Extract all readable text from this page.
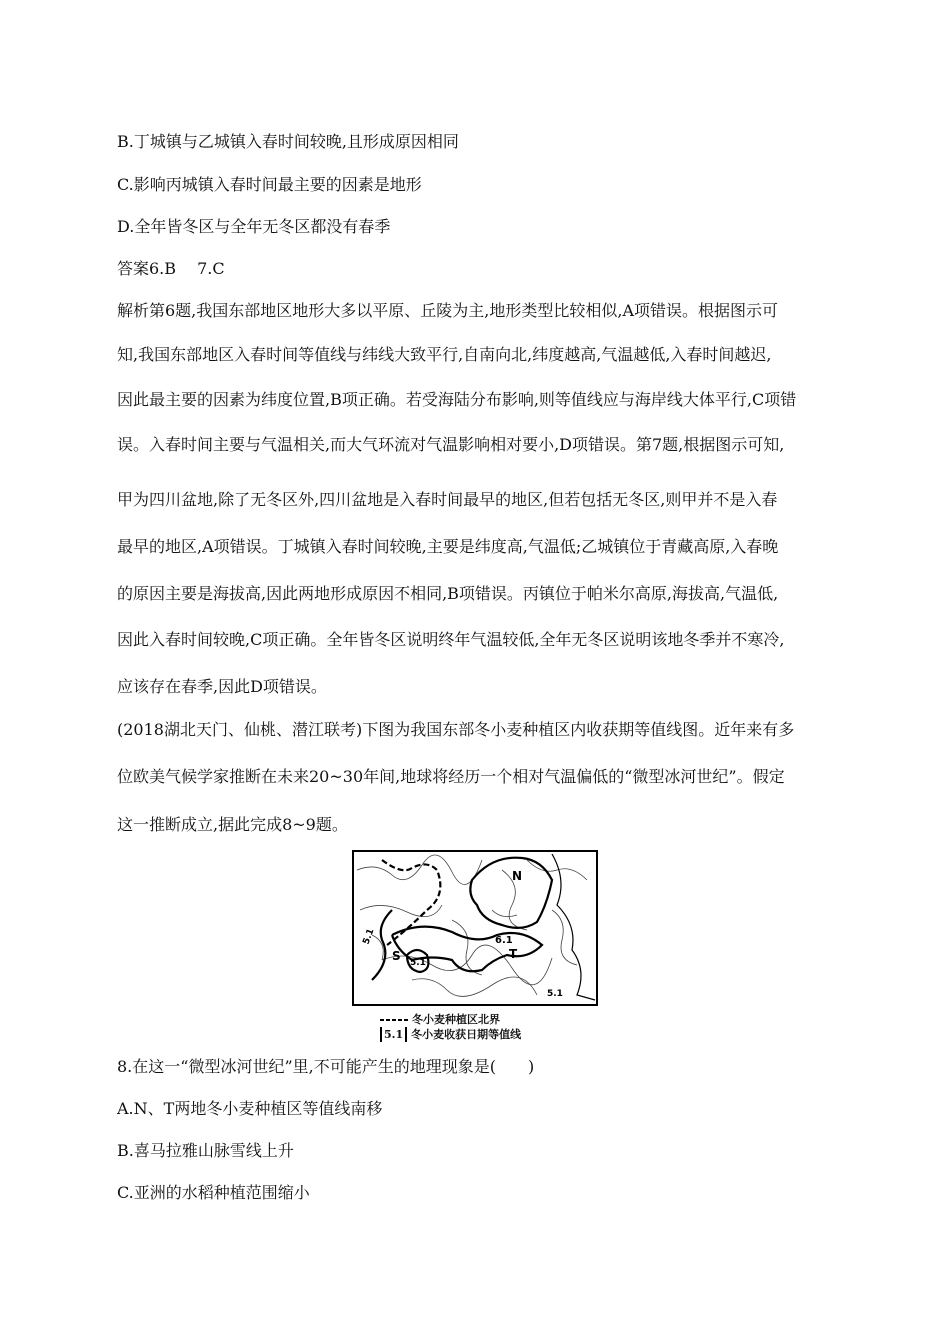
B.丁城镇与乙城镇入春时间较晚,且形成原因相同
C.影响丙城镇入春时间最主要的因素是地形
D.全年皆冬区与全年无冬区都没有春季
答案6.B　 7.C
解析第6题,我国东部地区地形大多以平原、丘陵为主,地形类型比较相似,A项错误。根据图示可
知,我国东部地区入春时间等值线与纬线大致平行,自南向北,纬度越高,气温越低,入春时间越迟,
因此最主要的因素为纬度位置,B项正确。若受海陆分布影响,则等值线应与海岸线大体平行,C项错
误。入春时间主要与气温相关,而大气环流对气温影响相对要小,D项错误。第7题,根据图示可知,
甲为四川盆地,除了无冬区外,四川盆地是入春时间最早的地区,但若包括无冬区,则甲并不是入春
最早的地区,A项错误。丁城镇入春时间较晚,主要是纬度高,气温低;乙城镇位于青藏高原,入春晚
的原因主要是海拔高,因此两地形成原因不相同,B项错误。丙镇位于帕米尔高原,海拔高,气温低,
因此入春时间较晚,C项正确。全年皆冬区说明终年气温较低,全年无冬区说明该地冬季并不寒冷,
应该存在春季,因此D项错误。
(2018湖北天门、仙桃、潜江联考)下图为我国东部冬小麦种植区内收获期等值线图。近年来有多
位欧美气候学家推断在未来20~30年间,地球将经历一个相对气温偏低的“微型冰河世纪”。假定
这一推断成立,据此完成8~9题。
N
S	T
6.1
5.1
5.1
5.1
冬小麦种植区北界
5.1 冬小麦收获日期等值线
8.在这一“微型冰河世纪”里,不可能产生的地理现象是(　　)
A.N、T两地冬小麦种植区等值线南移
B.喜马拉雅山脉雪线上升
C.亚洲的水稻种植范围缩小
